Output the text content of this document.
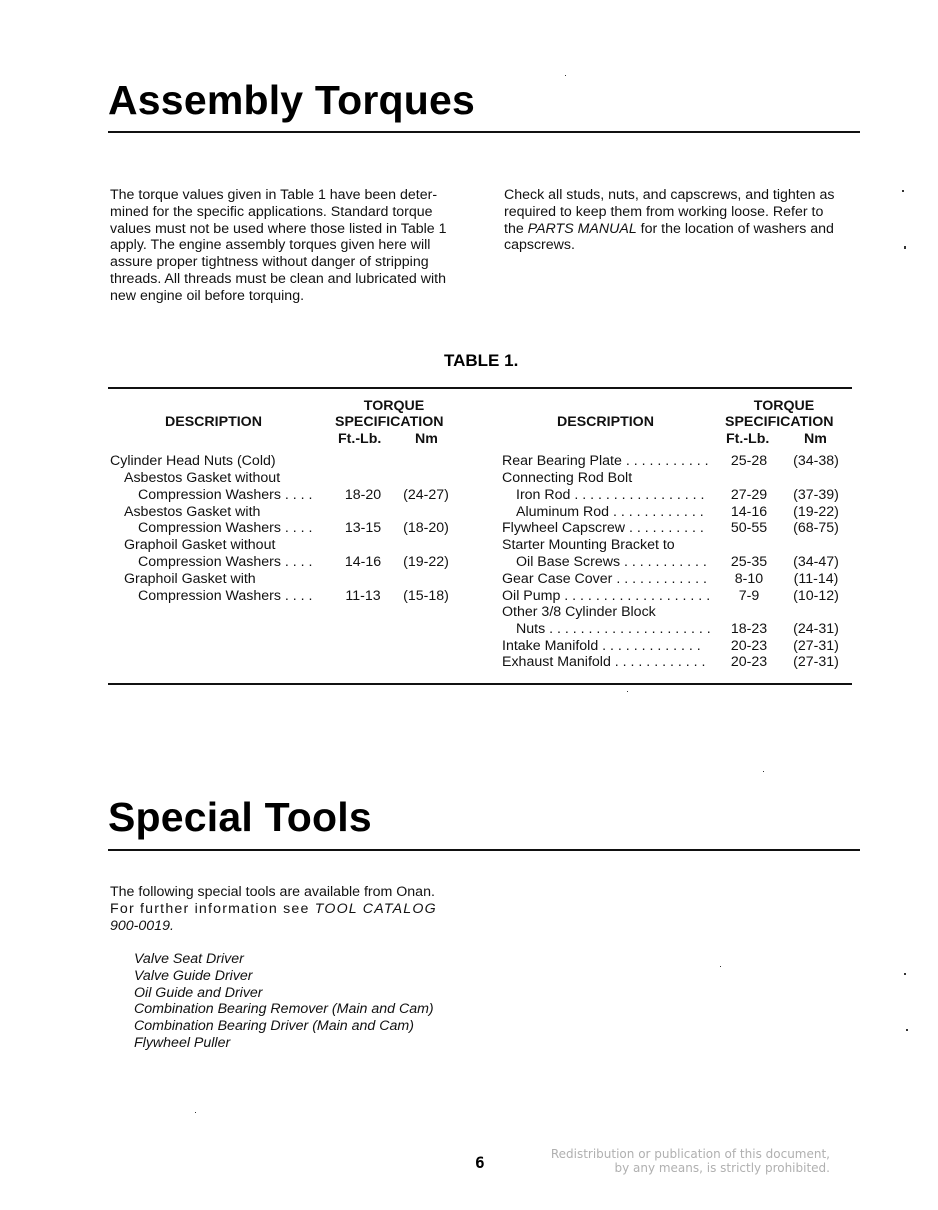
Assembly Torques
The torque values given in Table 1 have been deter-
mined for the specific applications. Standard torque
values must not be used where those listed in Table 1
apply. The engine assembly torques given here will
assure proper tightness without danger of stripping
threads. All threads must be clean and lubricated with
new engine oil before torquing.
Check all studs, nuts, and capscrews, and tighten as
required to keep them from working loose. Refer to
the PARTS MANUAL for the location of washers and
capscrews.
TABLE 1.
DESCRIPTION
TORQUE
SPECIFICATION
Ft.-Lb. Nm
DESCRIPTION
TORQUE
SPECIFICATION
Ft.-Lb. Nm
Cylinder Head Nuts (Cold)
Asbestos Gasket without
Compression Washers . . . .	18-20	(24-27)
Asbestos Gasket with
Compression Washers . . . .	13-15	(18-20)
Graphoil Gasket without
Compression Washers . . . .	14-16	(19-22)
Graphoil Gasket with
Compression Washers . . . .	11-13	(15-18)
Rear Bearing Plate . . . . . . . . . . .	25-28	(34-38)
Connecting Rod Bolt
Iron Rod . . . . . . . . . . . . . . . . .	27-29	(37-39)
Aluminum Rod . . . . . . . . . . . .	14-16	(19-22)
Flywheel Capscrew . . . . . . . . . .	50-55	(68-75)
Starter Mounting Bracket to
Oil Base Screws . . . . . . . . . . .	25-35	(34-47)
Gear Case Cover . . . . . . . . . . . .	8-10	(11-14)
Oil Pump . . . . . . . . . . . . . . . . . . .	7-9	(10-12)
Other 3/8 Cylinder Block
Nuts . . . . . . . . . . . . . . . . . . . . .	18-23	(24-31)
Intake Manifold . . . . . . . . . . . . .	20-23	(27-31)
Exhaust Manifold . . . . . . . . . . . .	20-23	(27-31)
Special Tools
The following special tools are available from Onan.
For further information see TOOL CATALOG
900-0019.
Valve Seat Driver
Valve Guide Driver
Oil Guide and Driver
Combination Bearing Remover (Main and Cam)
Combination Bearing Driver (Main and Cam)
Flywheel Puller
6	Redistribution or publication of this document,
by any means, is strictly prohibited.
